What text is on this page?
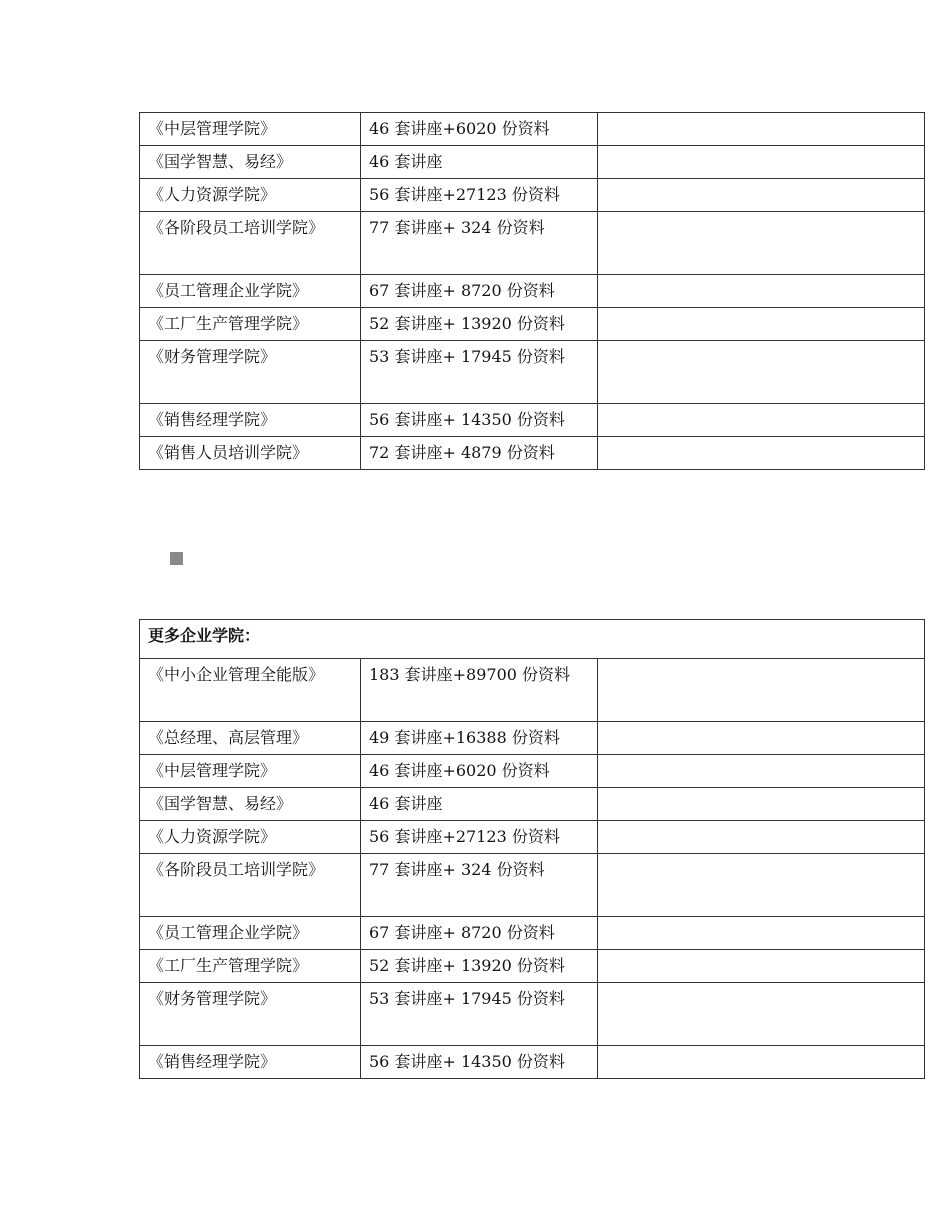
《中层管理学院》	46 套讲座+6020 份资料	
《国学智慧、易经》	46 套讲座	
《人力资源学院》	56 套讲座+27123 份资料	
《各阶段员工培训学院》	77 套讲座+ 324 份资料	
《员工管理企业学院》	67 套讲座+ 8720 份资料	
《工厂生产管理学院》	52 套讲座+ 13920 份资料	
《财务管理学院》	53 套讲座+ 17945 份资料	
《销售经理学院》	56 套讲座+ 14350 份资料	
《销售人员培训学院》	72 套讲座+ 4879 份资料	
更多企业学院：		
《中小企业管理全能版》	183 套讲座+89700 份资料	
《总经理、高层管理》	49 套讲座+16388 份资料	
《中层管理学院》	46 套讲座+6020 份资料	
《国学智慧、易经》	46 套讲座	
《人力资源学院》	56 套讲座+27123 份资料	
《各阶段员工培训学院》	77 套讲座+ 324 份资料	
《员工管理企业学院》	67 套讲座+ 8720 份资料	
《工厂生产管理学院》	52 套讲座+ 13920 份资料	
《财务管理学院》	53 套讲座+ 17945 份资料	
《销售经理学院》	56 套讲座+ 14350 份资料	
